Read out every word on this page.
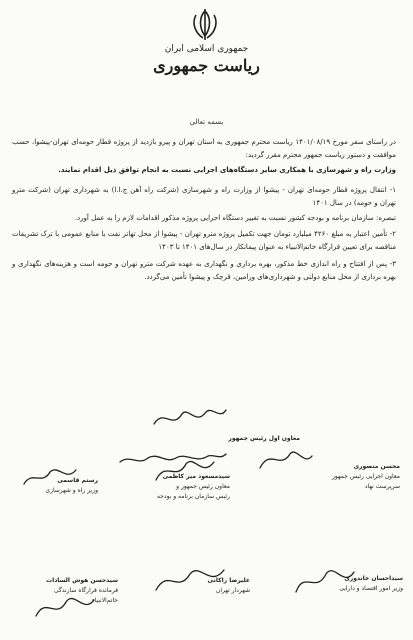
جمهوری اسلامی ایران
ریاست جمهوری
بسمه تعالی
در راستای سفر مورخ ۱۴۰۱/۰۸/۱۹ ریاست محترم جمهوری به استان تهران و پیرو بازدید از پروژه قطار حومه‌ای تهران-پیشوا، حسب موافقت و دستور ریاست جمهور محترم مقرر گردید:
وزارت راه و شهرسازی با همکاری سایر دستگاه‌های اجرایی نسبت به انجام توافق ذیل اقدام نمایند.
۱- انتقال پروژه قطار حومه‌ای تهران - پیشوا از وزارت راه و شهرسازی (شرکت راه آهن ج.ا.ا) به شهرداری تهران (شرکت مترو تهران و حومه) در سال ۱۴۰۱
تبصره: سازمان برنامه و بودجه کشور نسبت به تغییر دستگاه اجرایی پروژه مذکور اقدامات لازم را به عمل آورد.
۲- تأمین اعتبار به مبلغ ۴۲۶۰ میلیارد تومان جهت تکمیل پروژه مترو تهران - پیشوا از محل تهاتر نفت یا منابع عمومی با ترک تشریفات مناقصه برای تعیین قرارگاه خاتم‌الانبیاء به عنوان پیمانکار در سال‌های ۱۴۰۱ تا ۱۴۰۳
۳- پس از افتتاح و راه اندازی خط مذکور، بهره برداری و نگهداری به عهده شرکت مترو تهران و حومه است و هزینه‌های نگهداری و بهره برداری از محل منابع دولتی و شهرداری‌های ورامین، قرچک و پیشوا تأمین می‌گردد.
معاون اول رئیس جمهور
محسن منصوری
معاون اجرایی رئیس جمهور
سرپرست نهاد
سیدمسعود میر کاظمی
معاون رئیس جمهور و
رئیس سازمان برنامه و بودجه
رستم قاسمی
وزیر راه و شهرسازی
سیداحسان خاندوزی
وزیر امور اقتصاد و دارایی
علیرضا زاکانی
شهردار تهران
سیدحسن هوش السادات
فرمانده قرارگاه سازندگی
خاتم‌الانبیاء
